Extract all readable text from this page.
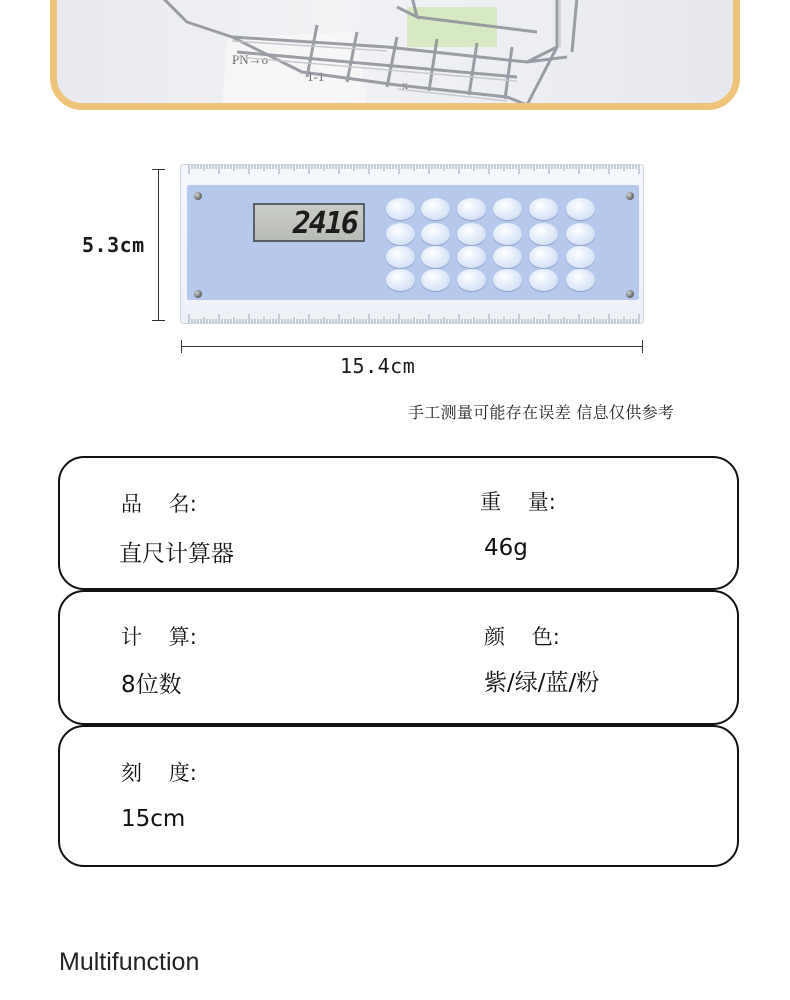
PN→o
1-1
x
5.3cm
15.4cm
2416
手工测量可能存在误差 信息仅供参考
品    名:
直尺计算器
重    量:
46g
计    算:
8位数
颜    色:
紫/绿/蓝/粉
刻    度:
15cm
Multifunction
